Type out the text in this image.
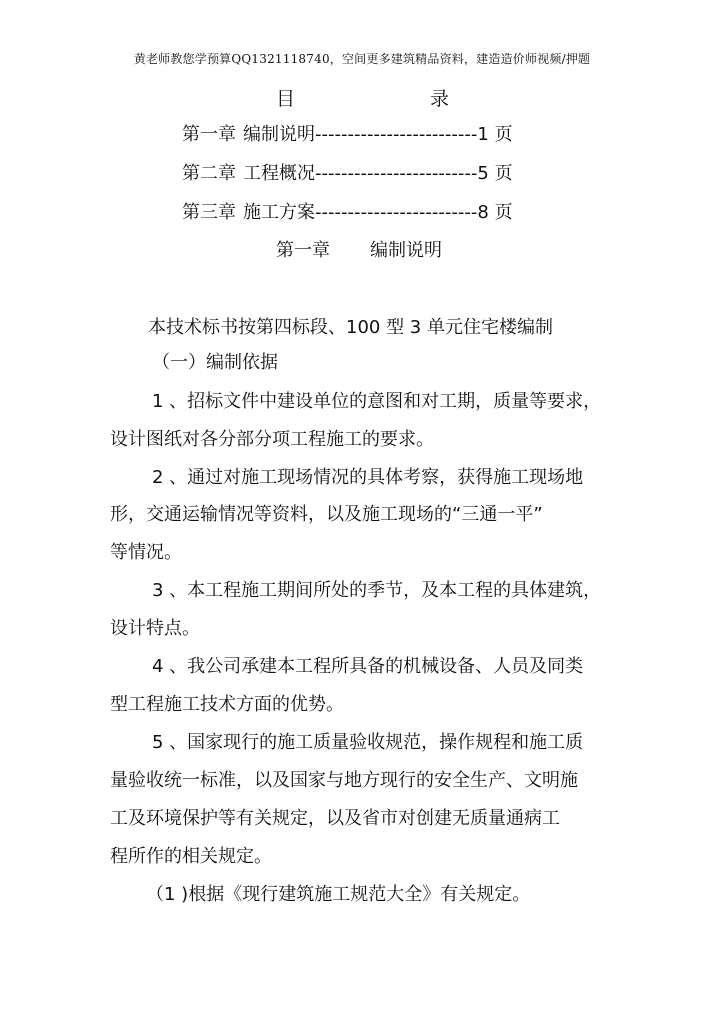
黄老师教您学预算QQ1321118740，空间更多建筑精品资料，建造造价师视频/押题
目	录
第一章 编制说明-------------------------1 页
第二章 工程概况-------------------------5 页
第三章 施工方案-------------------------8 页
第一章 编制说明
本技术标书按第四标段、100 型 3 单元住宅楼编制
（一）编制依据
1 、招标文件中建设单位的意图和对工期，质量等要求，
设计图纸对各分部分项工程施工的要求。
2 、通过对施工现场情况的具体考察，获得施工现场地
形，交通运输情况等资料，以及施工现场的“三通一平”
等情况。
3 、本工程施工期间所处的季节，及本工程的具体建筑，
设计特点。
4 、我公司承建本工程所具备的机械设备、人员及同类
型工程施工技术方面的优势。
5 、国家现行的施工质量验收规范，操作规程和施工质
量验收统一标准，以及国家与地方现行的安全生产、文明施
工及环境保护等有关规定，以及省市对创建无质量通病工
程所作的相关规定。
（1 )根据《现行建筑施工规范大全》有关规定。
